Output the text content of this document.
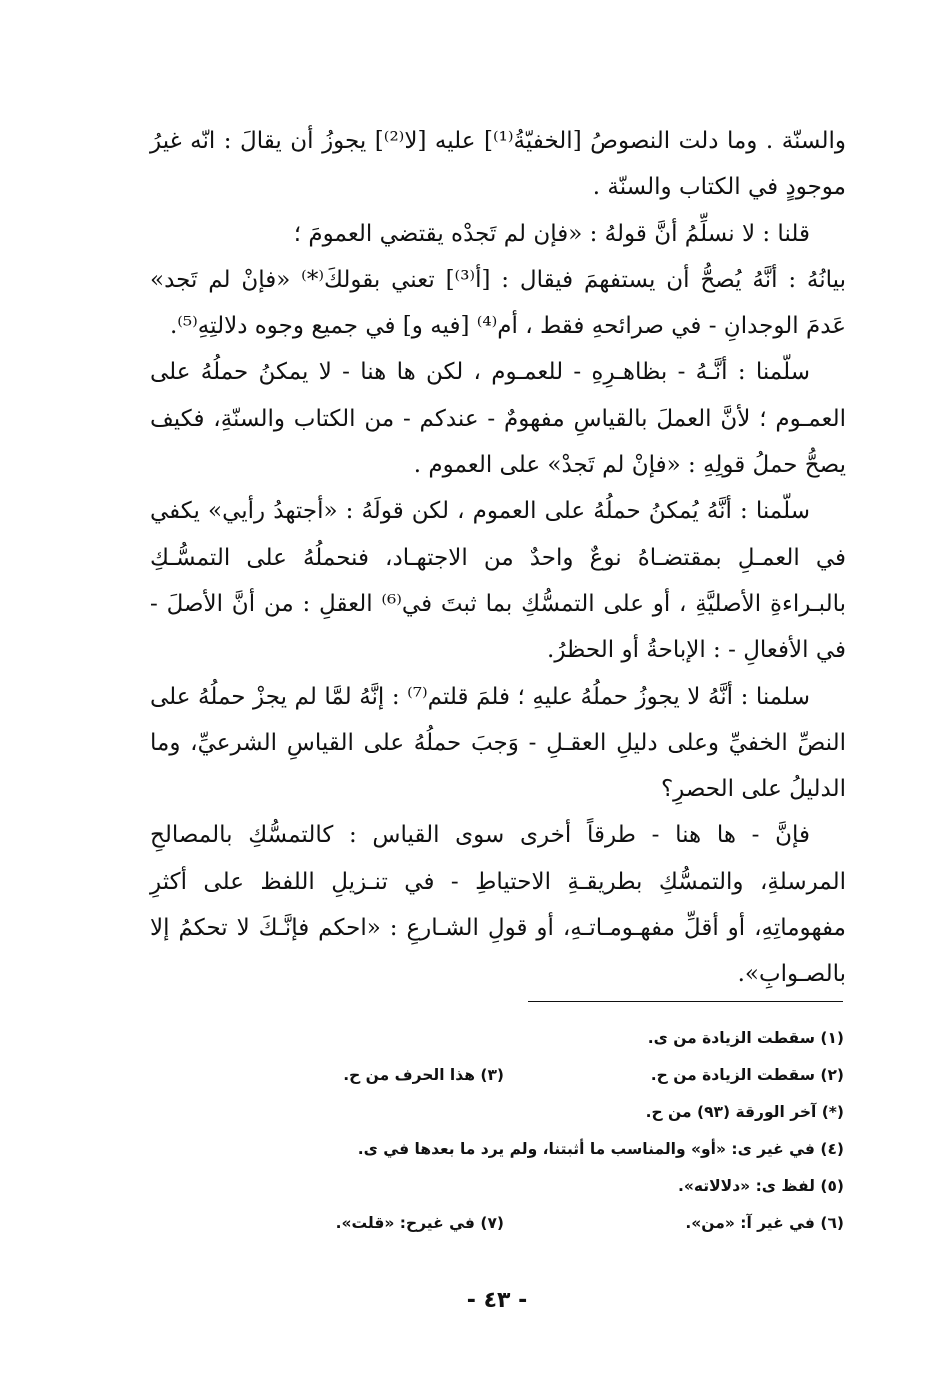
والسنّة . وما دلت النصوصُ [الخفيّةُ⁽¹⁾] عليه [لا⁽²⁾] يجوزُ أن يقالَ : انّه غيرُ موجودٍ في الكتاب والسنّة .

قلنا : لا نسلِّمُ أنَّ قولهُ : «فإن لم تَجدْه يقتضي العمومَ ؛

بيانُهُ : أنَّهُ يُصحُّ أن يستفهمَ فيقال : [أ⁽³⁾] تعني بقولكَ⁽*⁾ «فإنْ لم تَجد» عَدمَ الوجدانِ - في صرائحهِ فقط ، أم⁽⁴⁾ [فيه و] في جميع وجوه دلالتِهِ⁽⁵⁾.

سلّمنا : أنَّـهُ - بظاهـرِهِ - للعمـوم ، لكن ها هنا - لا يمكنُ حملُهُ على العمـوم ؛ لأنَّ العملَ بالقياسِ مفهومٌ - عندكم - من الكتاب والسنّةِ، فكيف يصحُّ حملُ قولِهِ : «فإنْ لم تَجدْ» على العموم .

سلّمنا : أنَّهُ يُمكنُ حملُهُ على العموم ، لكن قولَهُ : «أجتهدُ رأيي» يكفي في العمـلِ بمقتضـاهُ نوعٌ واحدٌ من الاجتهـاد، فنحملُهُ على التمسُّـكِ بالبـراءةِ الأصليَّةِ ، أو على التمسُّكِ بما ثبتَ في⁽⁶⁾ العقلِ : من أنَّ الأصلَ - في الأفعالِ - : الإباحةُ أو الحظرُ.

سلمنا : أنَّهُ لا يجوزُ حملُهُ عليهِ ؛ فلمَ قلتم⁽⁷⁾ : إنَّهُ لمَّا لم يجزْ حملُهُ على النصِّ الخفيِّ وعلى دليلِ العقـلِ - وَجبَ حملُهُ على القياسِ الشرعيِّ، وما الدليلُ على الحصرِ؟

فإنَّ - ها هنا - طرقاً أخرى سوى القياس : كالتمسُّكِ بالمصالحِ المرسلةِ، والتمسُّكِ بطريقـةِ الاحتياطِ - في تنـزيلِ اللفظ على أكثرِ مفهوماتِهِ، أو أقلِّ مفهـومـاتـهِ، أو قولِ الشـارعِ : «احكم فإنَّـكَ لا تحكمُ إلا بالصـوابِ».

(١) سقطت الزيادة من ى.
(٢) سقطت الزيادة من ح.
(٣) هذا الحرف من ح.
(*) آخر الورقة (٩٣) من ح.
(٤) في غير ى: «أو» والمناسب ما أثبتنا، ولم يرد ما بعدها في ى.
(٥) لفظ ى: «دلالاته».
(٦) في غير آ: «من».
(٧) في غيرح: «قلت».
- ٤٣ -
